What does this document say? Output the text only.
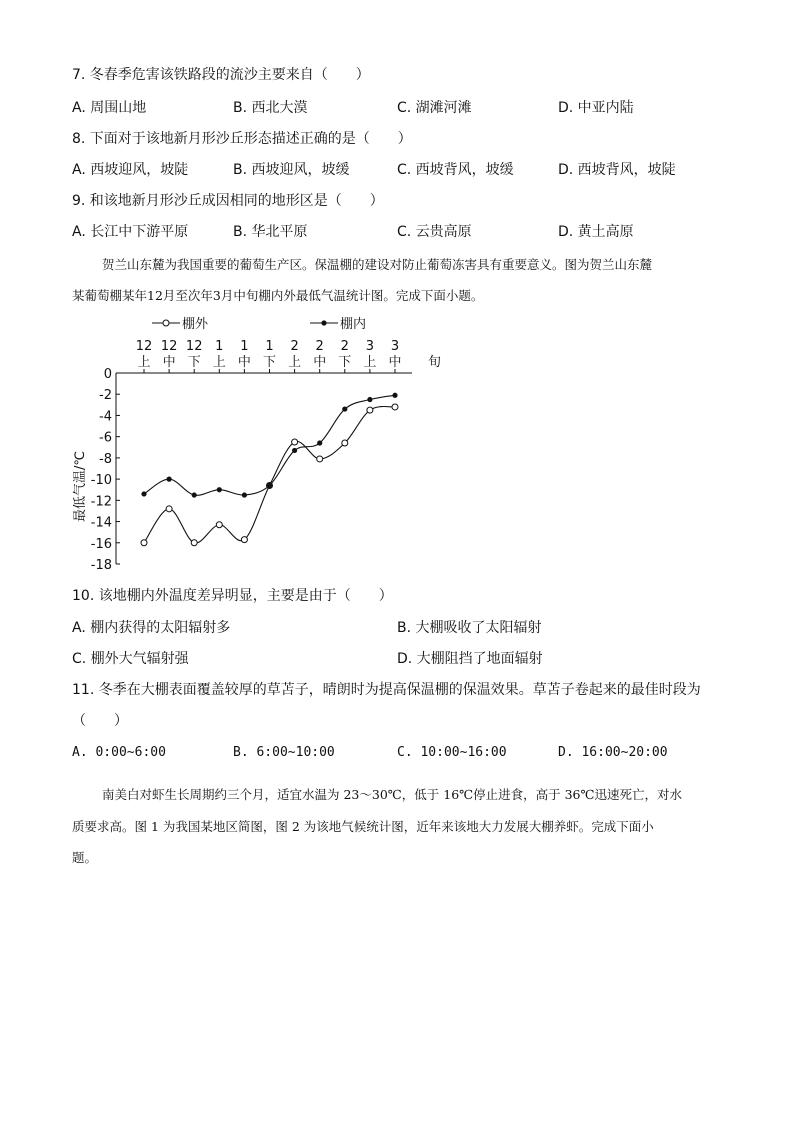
7. 冬春季危害该铁路段的流沙主要来自（　　）
A. 周围山地	B. 西北大漠	C. 湖滩河滩	D. 中亚内陆
8. 下面对于该地新月形沙丘形态描述正确的是（　　）
A. 西坡迎风，坡陡	B. 西坡迎风，坡缓	C. 西坡背风，坡缓	D. 西坡背风，坡陡
9. 和该地新月形沙丘成因相同的地形区是（　　）
A. 长江中下游平原	B. 华北平原	C. 云贵高原	D. 黄土高原
贺兰山东麓为我国重要的葡萄生产区。保温棚的建设对防止葡萄冻害具有重要意义。图为贺兰山东麓
某葡萄棚某年12月至次年3月中旬棚内外最低气温统计图。完成下面小题。
棚外	棚内
12
上
12
中
12
下
1
上
1
中
1
下
2
上
2
中
2
下
3
上
3
中 旬
0
-2
-4
-6
-8
-10
-12
-14
-16
-18
最低气温/℃
10. 该地棚内外温度差异明显，主要是由于（　　）
A. 棚内获得的太阳辐射多	B. 大棚吸收了太阳辐射
C. 棚外大气辐射强	D. 大棚阻挡了地面辐射
11. 冬季在大棚表面覆盖较厚的草苫子，晴朗时为提高保温棚的保温效果。草苫子卷起来的最佳时段为
（　　）
A. 0:00~6:00	B. 6:00~10:00	C. 10:00~16:00	D. 16:00~20:00
南美白对虾生长周期约三个月，适宜水温为 23～30℃，低于 16℃停止进食，高于 36℃迅速死亡，对水
质要求高。图 1 为我国某地区简图，图 2 为该地气候统计图，近年来该地大力发展大棚养虾。完成下面小
题。
